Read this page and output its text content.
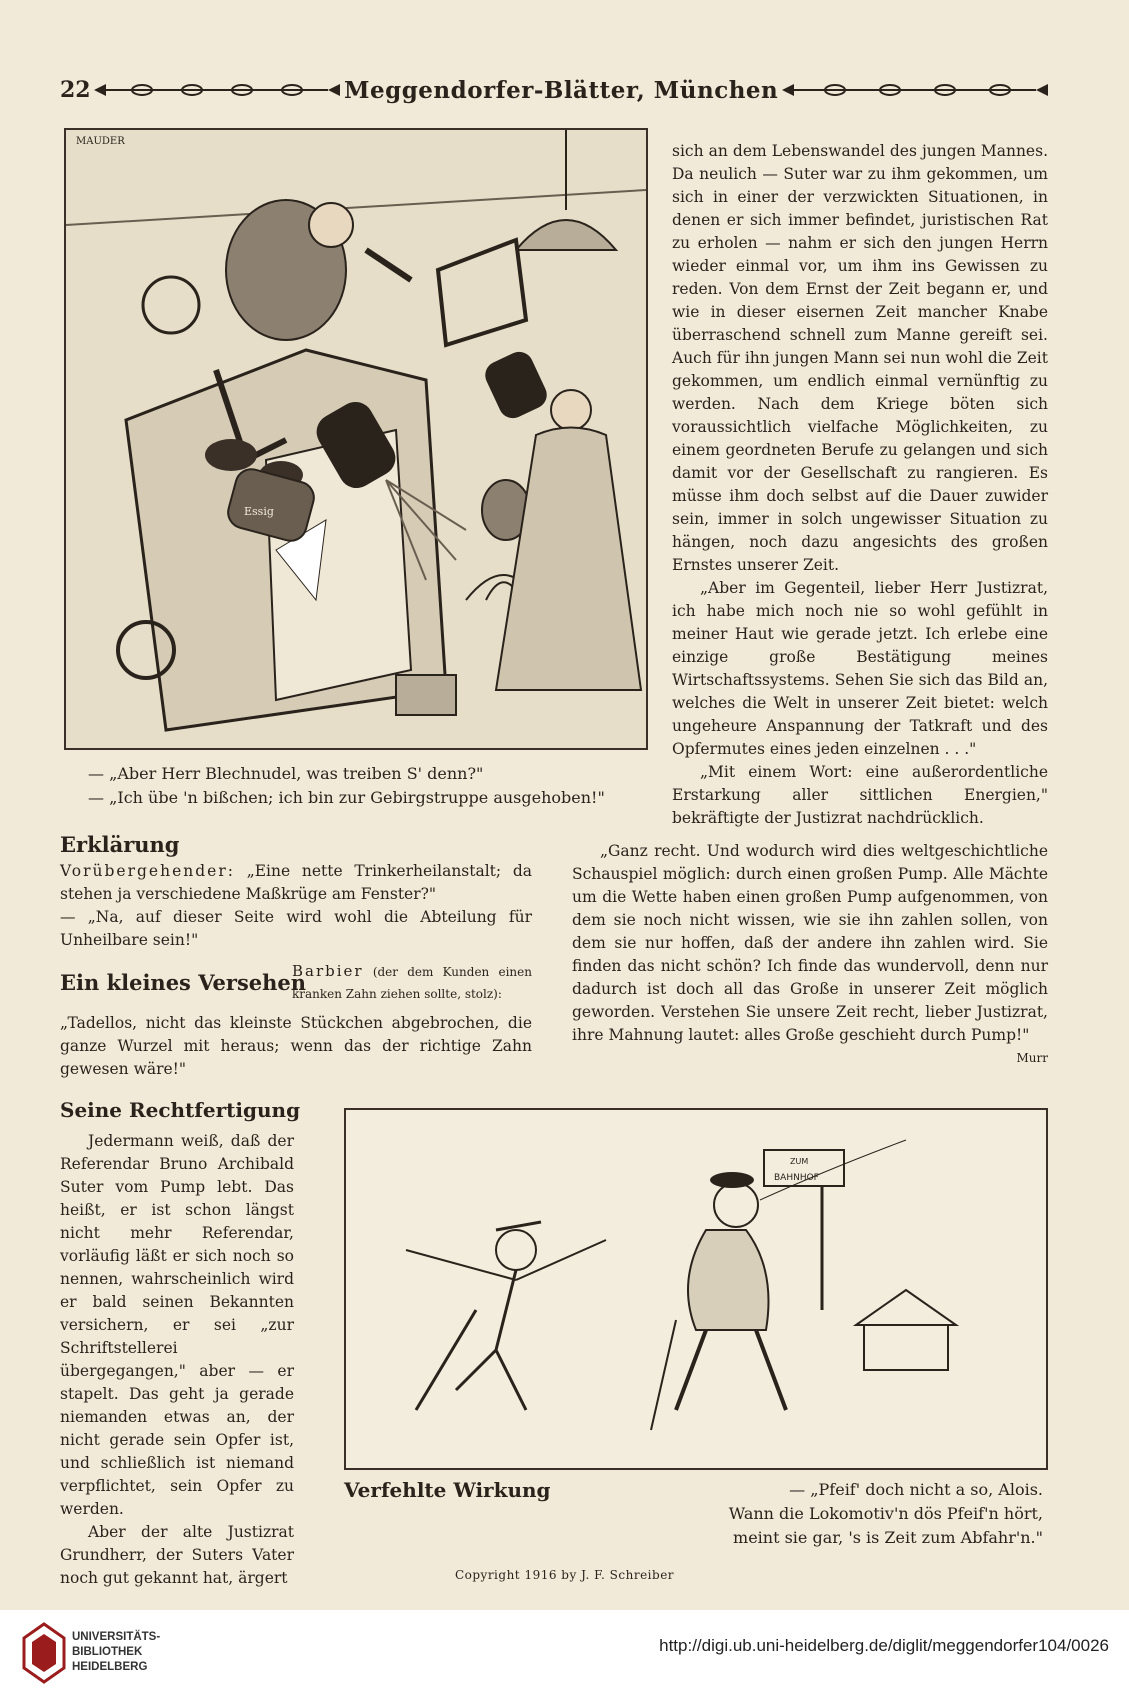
22	Meggendorfer-Blätter, München
Essig
MAUDER
— „Aber Herr Blechnudel, was treiben S' denn?"
— „Ich übe 'n bißchen; ich bin zur Gebirgstruppe ausgehoben!"

sich an dem Lebenswandel des jungen Mannes. Da neulich — Suter war zu ihm gekommen, um sich in einer der verzwickten Situationen, in denen er sich immer befindet, juristischen Rat zu erholen — nahm er sich den jungen Herrn wieder einmal vor, um ihm ins Gewissen zu reden. Von dem Ernst der Zeit begann er, und wie in dieser eisernen Zeit mancher Knabe überraschend schnell zum Manne gereift sei. Auch für ihn jungen Mann sei nun wohl die Zeit gekommen, um endlich einmal vernünftig zu werden. Nach dem Kriege böten sich voraussichtlich vielfache Möglichkeiten, zu einem geordneten Berufe zu gelangen und sich damit vor der Gesellschaft zu rangieren. Es müsse ihm doch selbst auf die Dauer zuwider sein, immer in solch ungewisser Situation zu hängen, noch dazu angesichts des großen Ernstes unserer Zeit.

„Aber im Gegenteil, lieber Herr Justizrat, ich habe mich noch nie so wohl gefühlt in meiner Haut wie gerade jetzt. Ich erlebe eine einzige große Bestätigung meines Wirtschaftssystems. Sehen Sie sich das Bild an, welches die Welt in unserer Zeit bietet: welch ungeheure Anspannung der Tatkraft und des Opfermutes eines jeden einzelnen . . ."

„Mit einem Wort: eine außerordentliche Erstarkung aller sittlichen Energien," bekräftigte der Justizrat nachdrücklich.

Erklärung

Vorübergehender: „Eine nette Trinkerheilanstalt; da stehen ja verschiedene Maßkrüge am Fenster?"

— „Na, auf dieser Seite wird wohl die Abteilung für Unheilbare sein!"

Ein kleines Versehen
Barbier (der dem Kunden einen kranken Zahn ziehen sollte, stolz):
„Tadellos, nicht das kleinste Stückchen abgebrochen, die ganze Wurzel mit heraus; wenn das der richtige Zahn gewesen wäre!"

„Ganz recht. Und wodurch wird dies weltgeschichtliche Schauspiel möglich: durch einen großen Pump. Alle Mächte um die Wette haben einen großen Pump aufgenommen, von dem sie noch nicht wissen, wie sie ihn zahlen sollen, von dem sie nur hoffen, daß der andere ihn zahlen wird. Sie finden das nicht schön? Ich finde das wundervoll, denn nur dadurch ist doch all das Große in unserer Zeit möglich geworden. Verstehen Sie unsere Zeit recht, lieber Justizrat, ihre Mahnung lautet: alles Große geschieht durch Pump!"

Murr
Seine Rechtfertigung

Jedermann weiß, daß der Referendar Bruno Archibald Suter vom Pump lebt. Das heißt, er ist schon längst nicht mehr Referendar, vorläufig läßt er sich noch so nennen, wahrscheinlich wird er bald seinen Bekannten versichern, er sei „zur Schriftstellerei übergegangen," aber — er stapelt. Das geht ja gerade niemanden etwas an, der nicht gerade sein Opfer ist, und schließlich ist niemand verpflichtet, sein Opfer zu werden.

Aber der alte Justizrat Grundherr, der Suters Vater noch gut gekannt hat, ärgert

ZUM
BAHNHOF
Verfehlte Wirkung	— „Pfeif' doch nicht a so, Alois.
Wann die Lokomotiv'n dös Pfeif'n hört,
meint sie gar, 's is Zeit zum Abfahr'n."
Copyright 1916 by J. F. Schreiber
UNIVERSITÄTS-
BIBLIOTHEK
HEIDELBERG
http://digi.ub.uni-heidelberg.de/diglit/meggendorfer104/0026
